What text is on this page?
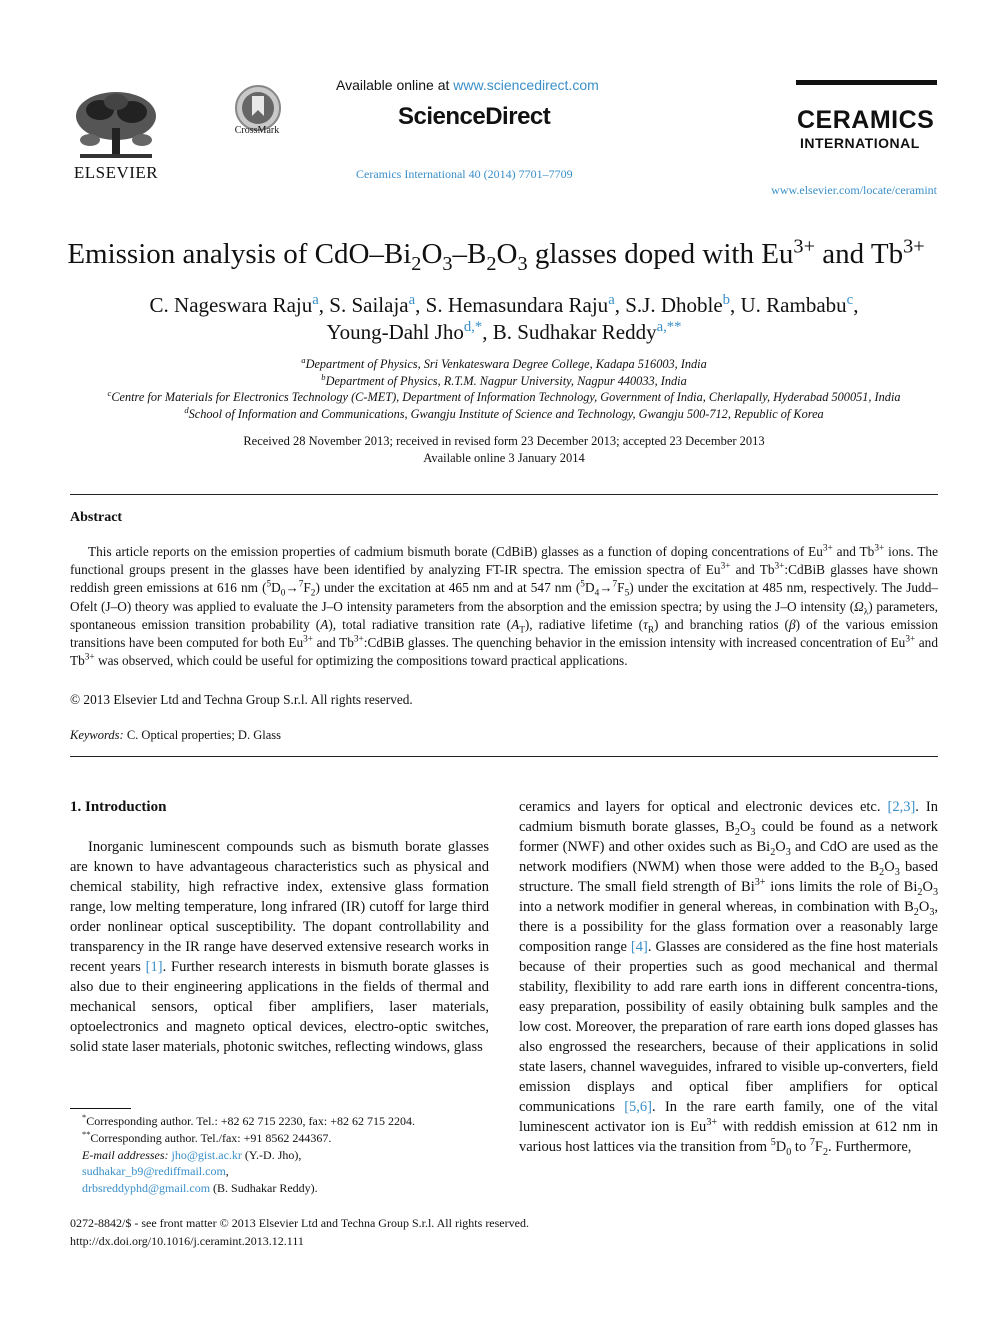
ELSEVIER
CrossMark
Available online at www.sciencedirect.com
ScienceDirect
Ceramics International 40 (2014) 7701–7709
CERAMICS
INTERNATIONAL
www.elsevier.com/locate/ceramint
Emission analysis of CdO–$Bi_2O_3-B_2O_3$ glasses doped with $Eu^{3+}$ and $Tb^{3+}$
C. Nageswara Raju$^a$, S. Sailaja$^a$, S. Hemasundara Raju$^a$, S.J. Dhoble$^b$, U. Rambabu$^c$,
Young-Dahl Jho$^{d,*}$, B. Sudhakar Reddy$^{a,**}$
$^a$Department of Physics, Sri Venkateswara Degree College, Kadapa 516003, India
$^b$Department of Physics, R.T.M. Nagpur University, Nagpur 440033, India
$^c$Centre for Materials for Electronics Technology (C-MET), Department of Information Technology, Government of India, Cherlapally, Hyderabad 500051, India
$^d$School of Information and Communications, Gwangju Institute of Science and Technology, Gwangju 500-712, Republic of Korea
Received 28 November 2013; received in revised form 23 December 2013; accepted 23 December 2013
Available online 3 January 2014
Abstract
This article reports on the emission properties of cadmium bismuth borate (CdBiB) glasses as a function of doping concentrations of $Eu^{3+}$ and $Tb^{3+}$ ions. The functional groups present in the glasses have been identified by analyzing FT-IR spectra. The emission spectra of $Eu^{3+}$ and $Tb^{3+}:CdBiB$ glasses have shown reddish green emissions at 616 nm $(^5D_0\to^7F_2)$ under the excitation at 465 nm and at 547 nm $(^5D_4\to^7F_5)$ under the excitation at 485 nm, respectively. The Judd–Ofelt (J–O) theory was applied to evaluate the J–O intensity parameters from the absorption and the emission spectra; by using the J–O intensity $(\Omega_\lambda)$ parameters, spontaneous emission transition probability (A), total radiative transition rate $(A_T)$, radiative lifetime $(\tau_R)$ and branching ratios (β) of the various emission transitions have been computed for both $Eu^{3+}$ and $Tb^{3+}:CdBiB$ glasses. The quenching behavior in the emission intensity with increased concentration of $Eu^{3+}$ and $Tb^{3+}$ was observed, which could be useful for optimizing the compositions toward practical applications.
© 2013 Elsevier Ltd and Techna Group S.r.l. All rights reserved.
Keywords: C. Optical properties; D. Glass
1. Introduction
Inorganic luminescent compounds such as bismuth borate glasses are known to have advantageous characteristics such as physical and chemical stability, high refractive index, extensive glass formation range, low melting temperature, long infrared (IR) cutoff for large third order nonlinear optical susceptibility. The dopant controllability and transparency in the IR range have deserved extensive research works in recent years [1]. Further research interests in bismuth borate glasses is also due to their engineering applications in the fields of thermal and mechanical sensors, optical fiber amplifiers, laser materials, optoelectronics and magneto optical devices, electro-optic switches, solid state laser materials, photonic switches, reflecting windows, glass
ceramics and layers for optical and electronic devices etc. [2,3]. In cadmium bismuth borate glasses, $B_2O_3$ could be found as a network former (NWF) and other oxides such as $Bi_2O_3$ and CdO are used as the network modifiers (NWM) when those were added to the $B_2O_3$ based structure. The small field strength of $Bi^{3+}$ ions limits the role of $Bi_2O_3$ into a network modifier in general whereas, in combination with $B_2O_3$, there is a possibility for the glass formation over a reasonably large composition range [4]. Glasses are considered as the fine host materials because of their properties such as good mechanical and thermal stability, flexibility to add rare earth ions in different concentra-tions, easy preparation, possibility of easily obtaining bulk samples and the low cost. Moreover, the preparation of rare earth ions doped glasses has also engrossed the researchers, because of their applications in solid state lasers, channel waveguides, infrared to visible up-converters, field emission displays and optical fiber amplifiers for optical communications [5,6]. In the rare earth family, one of the vital luminescent activator ion is $Eu^{3+}$ with reddish emission at 612 nm in various host lattices via the transition from $^5D_0$ to $^7F_2$. Furthermore,
*Corresponding author. Tel.: +82 62 715 2230, fax: +82 62 715 2204.
**Corresponding author. Tel./fax: +91 8562 244367.
E-mail addresses: jho@gist.ac.kr (Y.-D. Jho),
sudhakar_b9@rediffmail.com,
drbsreddyphd@gmail.com (B. Sudhakar Reddy).
0272-8842/$ - see front matter © 2013 Elsevier Ltd and Techna Group S.r.l. All rights reserved.
http://dx.doi.org/10.1016/j.ceramint.2013.12.111
